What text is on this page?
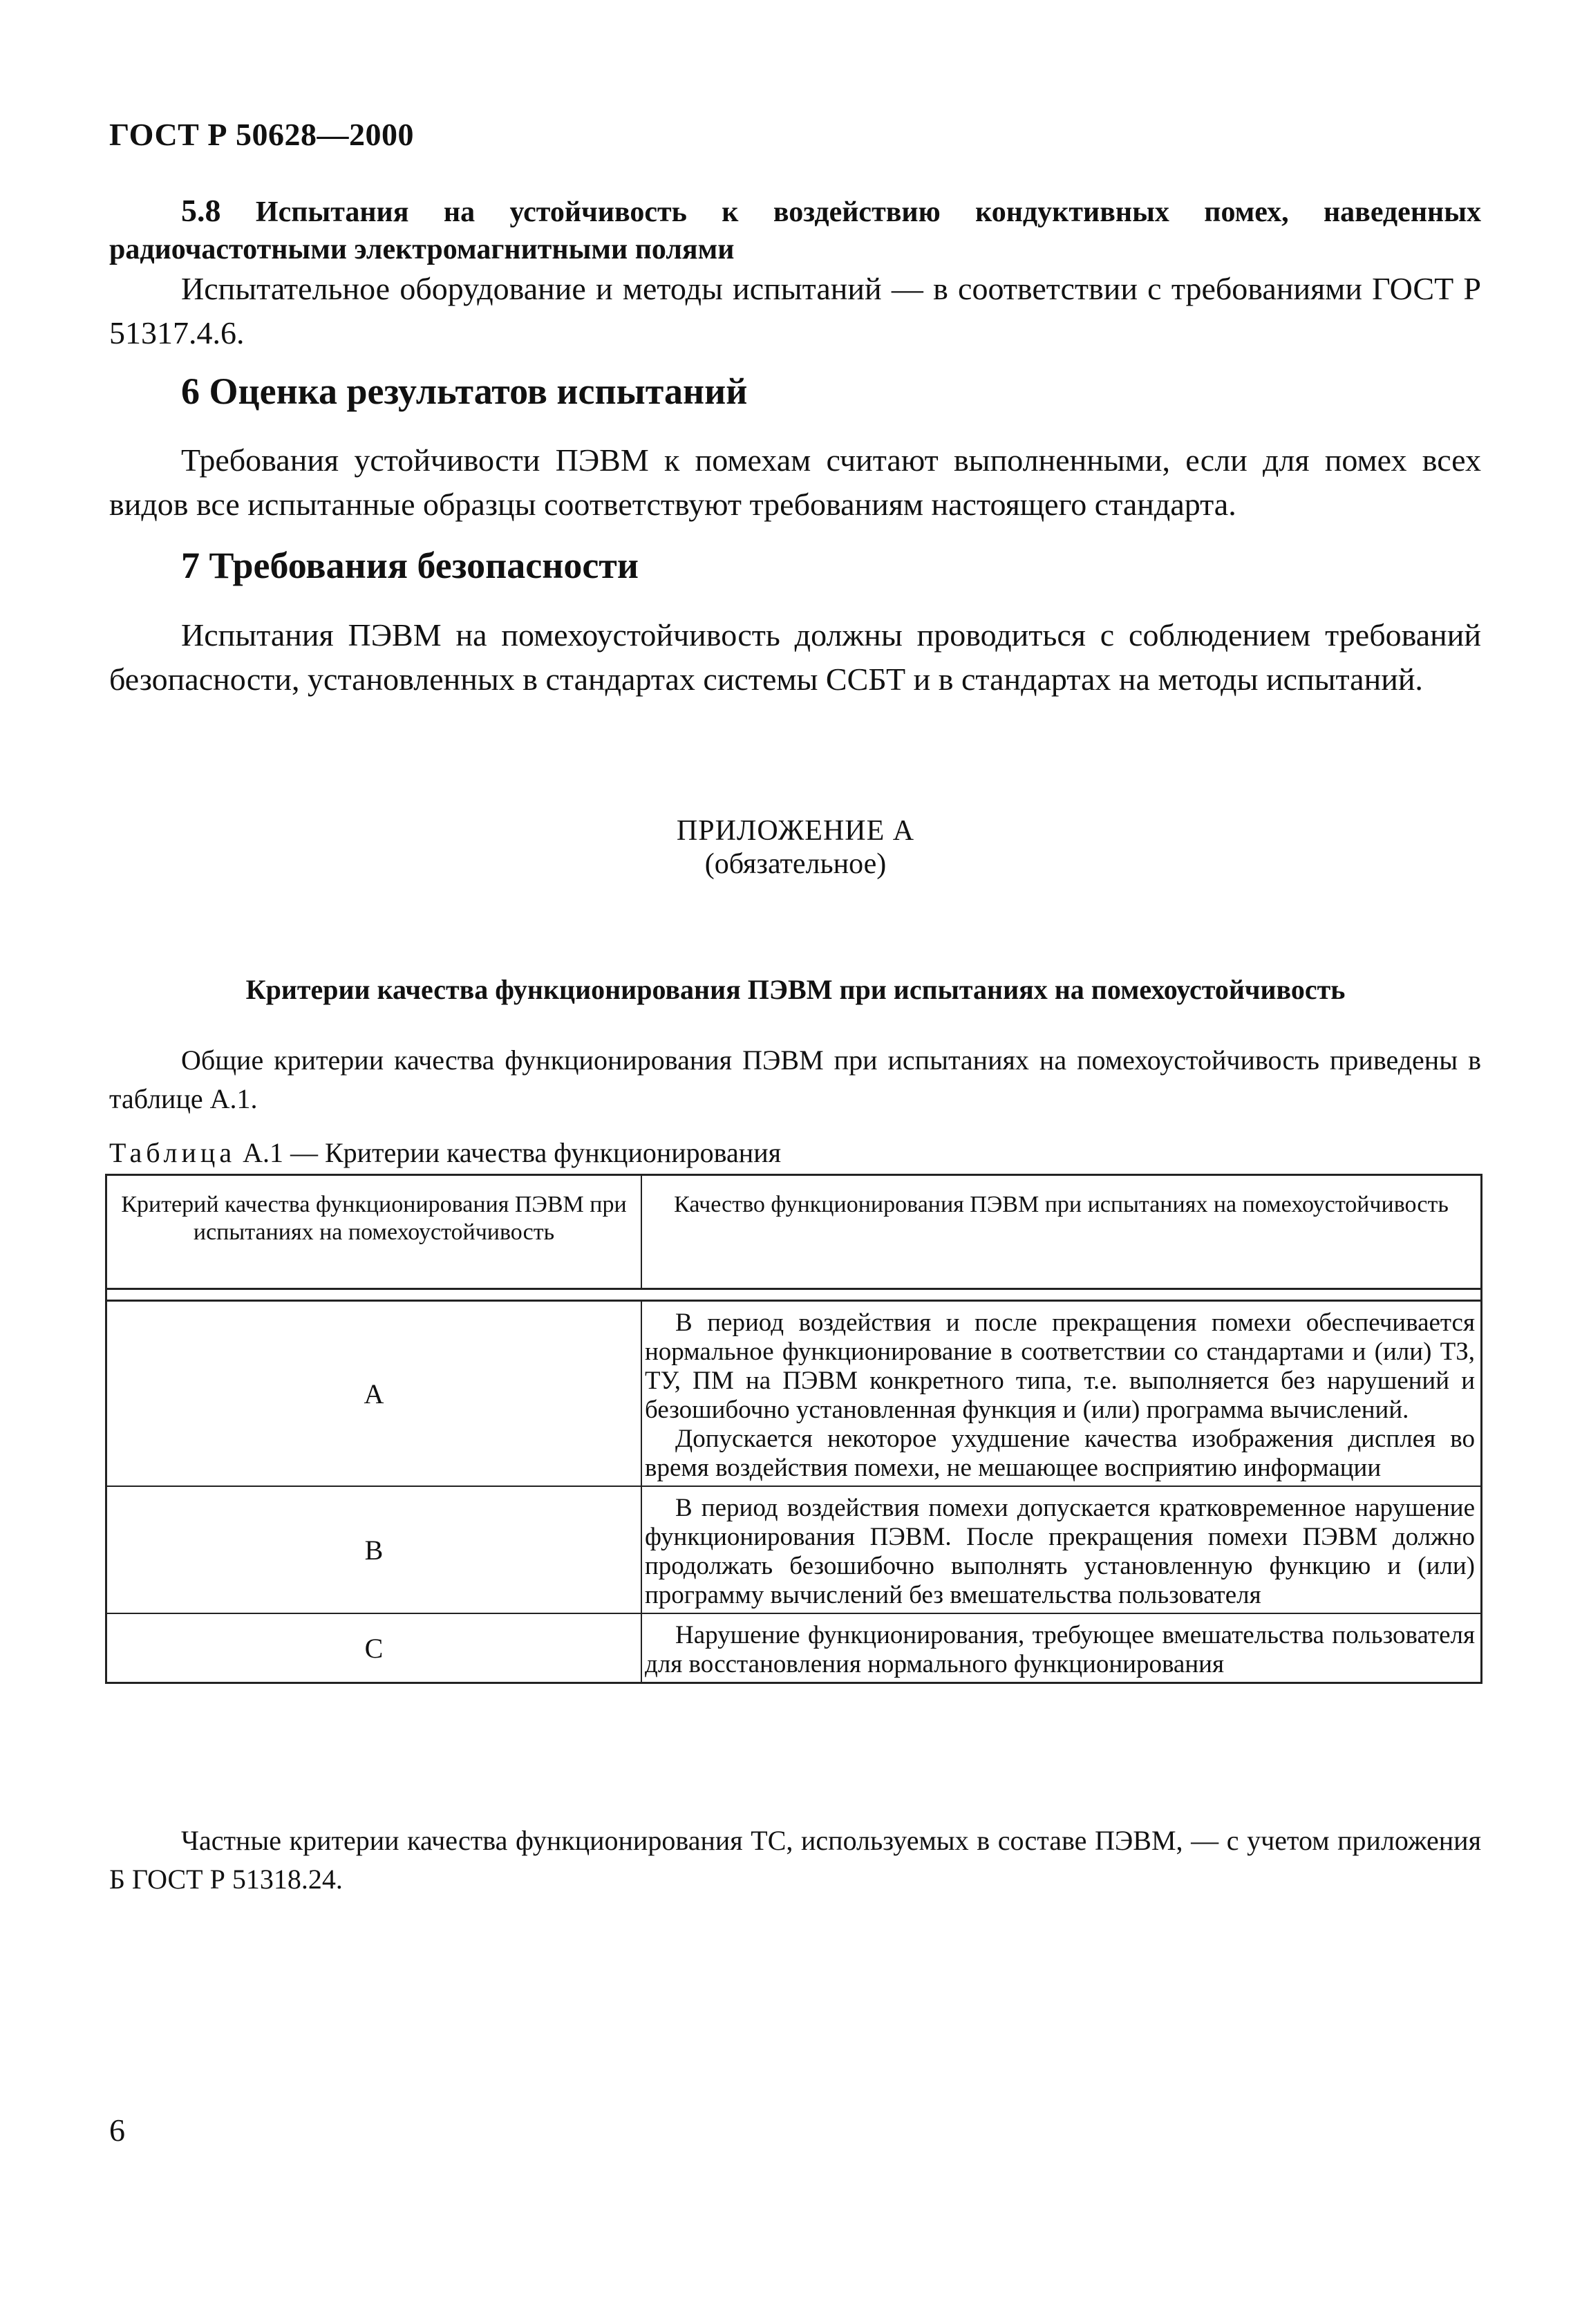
ГОСТ Р 50628—2000
5.8 Испытания на устойчивость к воздействию кондуктивных помех, наведенных радиочастотными электромагнитными полями
Испытательное оборудование и методы испытаний — в соответствии с требованиями ГОСТ Р 51317.4.6.
6 Оценка результатов испытаний
Требования устойчивости ПЭВМ к помехам считают выполненными, если для помех всех видов все испытанные образцы соответствуют требованиям настоящего стандарта.
7 Требования безопасности
Испытания ПЭВМ на помехоустойчивость должны проводиться с соблюдением требований безопасности, установленных в стандартах системы ССБТ и в стандартах на методы испытаний.
ПРИЛОЖЕНИЕ А
(обязательное)
Критерии качества функционирования ПЭВМ при испытаниях на помехоустойчивость
Общие критерии качества функционирования ПЭВМ при испытаниях на помехоустойчивость приведены в таблице А.1.
Таблица А.1 — Критерии качества функционирования
Критерий качества функционирования ПЭВМ при испытаниях на помехоустойчивость	Качество функционирования ПЭВМ при испытаниях на помехоустойчивость

А	В период воздействия и после прекращения помехи обеспечивается нормальное функционирование в соответствии со стандартами и (или) ТЗ, ТУ, ПМ на ПЭВМ конкретного типа, т.е. выполняется без нарушений и безошибочно установленная функция и (или) программа вычислений.
Допускается некоторое ухудшение качества изображения дисплея во время воздействия помехи, не мешающее восприятию информации

В	В период воздействия помехи допускается кратковременное нарушение функционирования ПЭВМ. После прекращения помехи ПЭВМ должно продолжать безошибочно выполнять установленную функцию и (или) программу вычислений без вмешательства пользователя

С	Нарушение функционирования, требующее вмешательства пользователя для восстановления нормального функционирования
Частные критерии качества функционирования ТС, используемых в составе ПЭВМ, — с учетом приложения Б ГОСТ Р 51318.24.
6
